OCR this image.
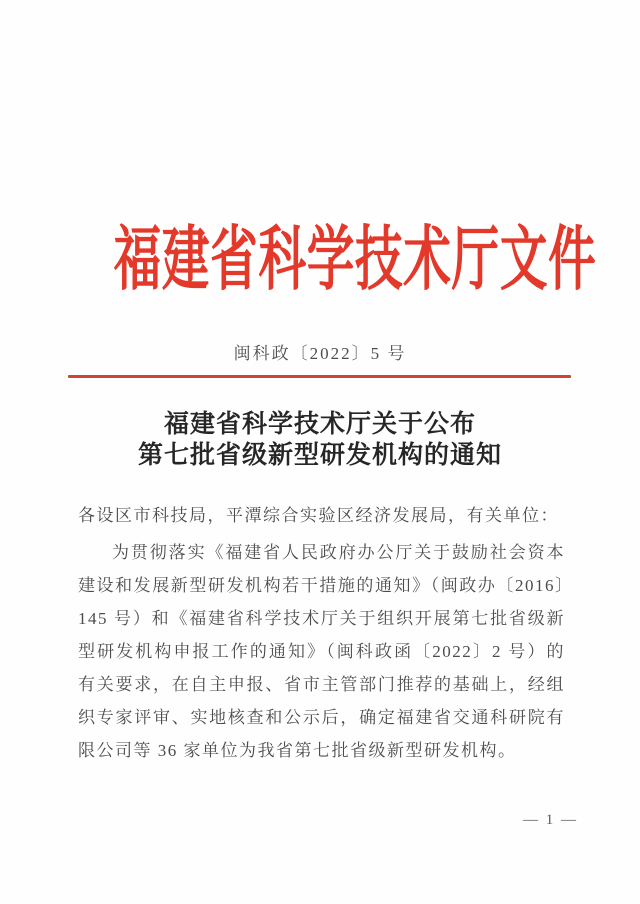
福建省科学技术厅文件
闽科政〔2022〕5 号
福建省科学技术厅关于公布
第七批省级新型研发机构的通知

各设区市科技局，平潭综合实验区经济发展局，有关单位：

为贯彻落实《福建省人民政府办公厅关于鼓励社会资本建设和发展新型研发机构若干措施的通知》（闽政办〔2016〕145 号）和《福建省科学技术厅关于组织开展第七批省级新型研发机构申报工作的通知》（闽科政函〔2022〕2 号）的有关要求，在自主申报、省市主管部门推荐的基础上，经组织专家评审、实地核查和公示后，确定福建省交通科研院有限公司等 36 家单位为我省第七批省级新型研发机构。

— 1 —
